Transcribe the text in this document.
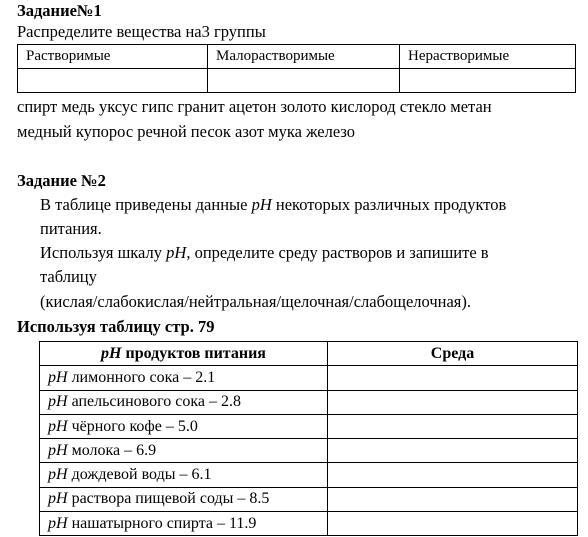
Задание№1
Распределите вещества на3 группы
Растворимые	Малорастворимые	Нерастворимые

спирт медь уксус гипс гранит ацетон золото кислород стекло метан
медный купорос речной песок азот мука железо
Задание №2
В таблице приведены данные pH некоторых различных продуктов
питания.
Используя шкалу pH, определите среду растворов и запишите в
таблицу
(кислая/слабокислая/нейтральная/щелочная/слабощелочная).
Используя таблицу стр. 79
pH продуктов питания	Среда
pH лимонного сока – 2.1	
pH апельсинового сока – 2.8	
pH чёрного кофе – 5.0	
pH молока – 6.9	
pH дождевой воды – 6.1	
pH раствора пищевой соды – 8.5	
pH нашатырного спирта – 11.9	
